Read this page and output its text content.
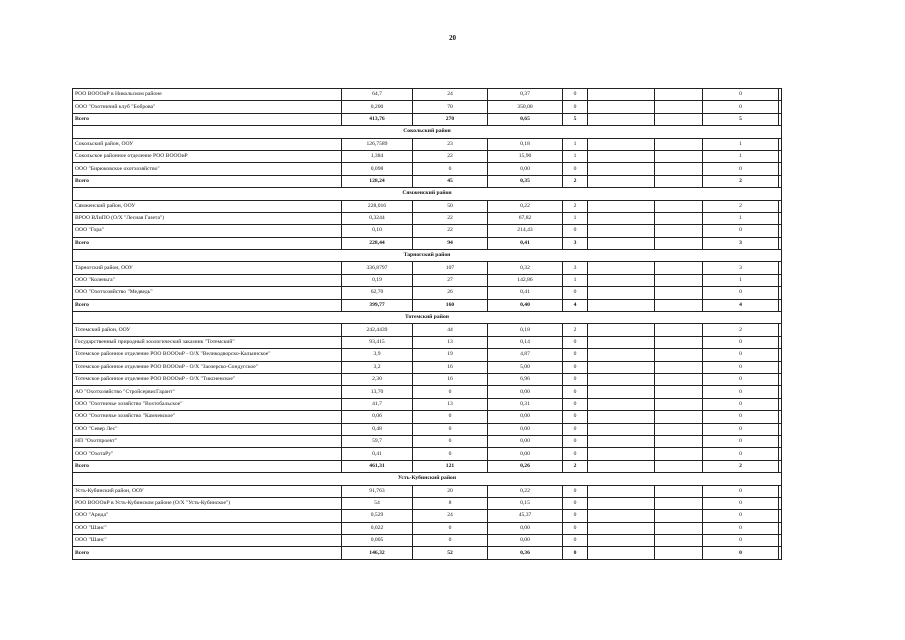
20
РОО ВОООиР в Никольском районе	64,7	24	0,37	0			0	
ООО "Охотничий клуб "Боброва"	0,200	70	350,00	0			0	
Всего	413,76	270	0,65	5			5	
Сокольский район								
Сокольский район, ООУ	126,7589	23	0,18	1			1	
Сокольское районное отделение РОО ВОООиР	1,384	22	15,90	1			1	
ООО "Бирюковское охотхозяйство"	0,098	0	0,00	0			0	
Всего	128,24	45	0,35	2			2	
Сямженский район								
Сямженский район, ООУ	228,016	50	0,22	2			2	
ВРОО ВЛиПО (О/Х "Лесная Газета")	0,3244	22	67,82	1			1	
ООО "Гора"	0,10	22	214,43	0			0	
Всего	228,44	94	0,41	3			3	
Тарногский район								
Тарногский район, ООУ	336,8797	107	0,32	3			3	
ООО "Коленьга"	0,19	27	142,86	1			1	
ООО "Охотхозяйство "Медведь"	62,70	26	0,41	0			0	
Всего	399,77	160	0,40	4			4	
Тотемский район								
Тотемский район, ООУ	242,4439	44	0,18	2			2	
Государственный природный зоологический заказник "Тотемский"	93,415	13	0,14	0			0	
Тотемское районное отделение РОО ВОООиР - О/Х "Великодворско-Кальинское"	3,9	19	4,87	0			0	
Тотемское районное отделение РОО ВОООиР - О/Х "Заозерско-Сондугское"	3,2	16	5,00	0			0	
Тотемское районное отделение РОО ВОООиР - О/Х "Тиксненское"	2,30	16	6,96	0			0	
АО "Охотхозяйство "СтройсервисГарант"	13,70	0	0,00	0			0	
ООО "Охотничье хозяйство "Вохтобальское"	41,7	13	0,31	0			0	
ООО "Охотничье хозяйство "Камчевское"	0,06	0	0,00	0			0	
ООО "Север Лес"	0,48	0	0,00	0			0	
НП "Охотпроект"	59,7	0	0,00	0			0	
ООО "ОхотаРу"	0,41	0	0,00	0			0	
Всего	461,31	121	0,26	2			2	
Усть-Кубинский район								
Усть-Кубинский район, ООУ	91,763	20	0,22	0			0	
РОО ВОООиР в Усть-Кубинском районе (О/Х "Усть-Кубинское")	54	8	0,15	0			0	
ООО "Арида"	0,529	24	45,37	0			0	
ООО "Шанс"	0,022	0	0,00	0			0	
ООО "Шанс"	0,005	0	0,00	0			0	
Всего	146,32	52	0,36	0			0	
